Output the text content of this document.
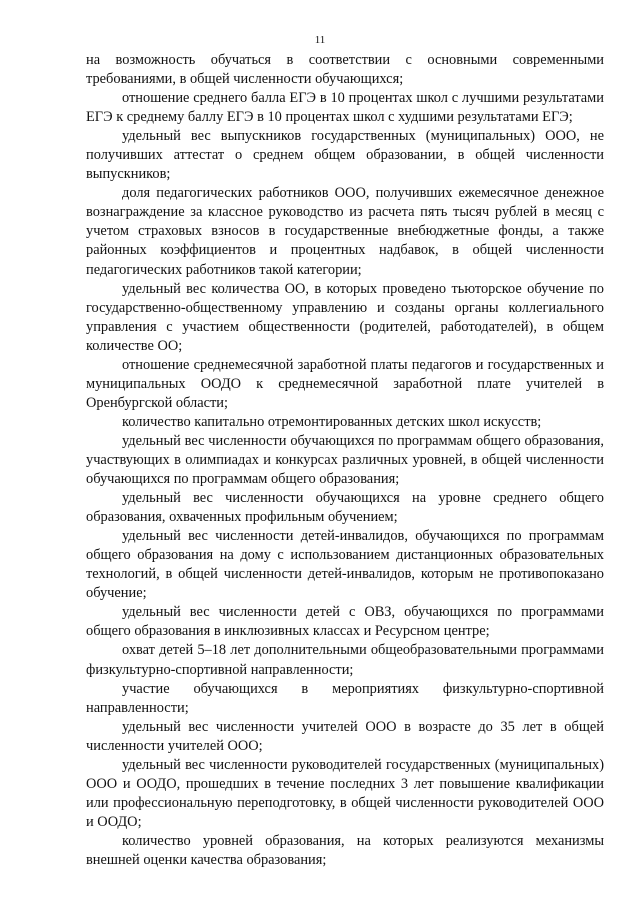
11

на возможность обучаться в соответствии с основными современными требованиями, в общей численности обучающихся;

отношение среднего балла ЕГЭ в 10 процентах школ с лучшими результатами ЕГЭ к среднему баллу ЕГЭ в 10 процентах школ с худшими результатами ЕГЭ;

удельный вес выпускников государственных (муниципальных) ООО, не получивших аттестат о среднем общем образовании, в общей численности выпускников;

доля педагогических работников ООО, получивших ежемесячное денежное вознаграждение за классное руководство из расчета пять тысяч рублей в месяц с учетом страховых взносов в государственные внебюджетные фонды, а также районных коэффициентов и процентных надбавок, в общей численности педагогических работников такой категории;

удельный вес количества ОО, в которых проведено тьюторское обучение по государственно-общественному управлению и созданы органы коллегиального управления с участием общественности (родителей, работодателей), в общем количестве ОО;

отношение среднемесячной заработной платы педагогов и государственных и муниципальных ООДО к среднемесячной заработной плате учителей в Оренбургской области;

количество капитально отремонтированных детских школ искусств;

удельный вес численности обучающихся по программам общего образования, участвующих в олимпиадах и конкурсах различных уровней, в общей численности обучающихся по программам общего образования;

удельный вес численности обучающихся на уровне среднего общего образования, охваченных профильным обучением;

удельный вес численности детей-инвалидов, обучающихся по программам общего образования на дому с использованием дистанционных образовательных технологий, в общей численности детей-инвалидов, которым не противопоказано обучение;

удельный вес численности детей с ОВЗ, обучающихся по программами общего образования в инклюзивных классах и Ресурсном центре;

охват детей 5–18 лет дополнительными общеобразовательными программами физкультурно-спортивной направленности;

участие обучающихся в мероприятиях физкультурно-спортивной направленности;

удельный вес численности учителей ООО в возрасте до 35 лет в общей численности учителей ООО;

удельный вес численности руководителей государственных (муниципальных) ООО и ООДО, прошедших в течение последних 3 лет повышение квалификации или профессиональную переподготовку, в общей численности руководителей ООО и ООДО;

количество уровней образования, на которых реализуются механизмы внешней оценки качества образования;
